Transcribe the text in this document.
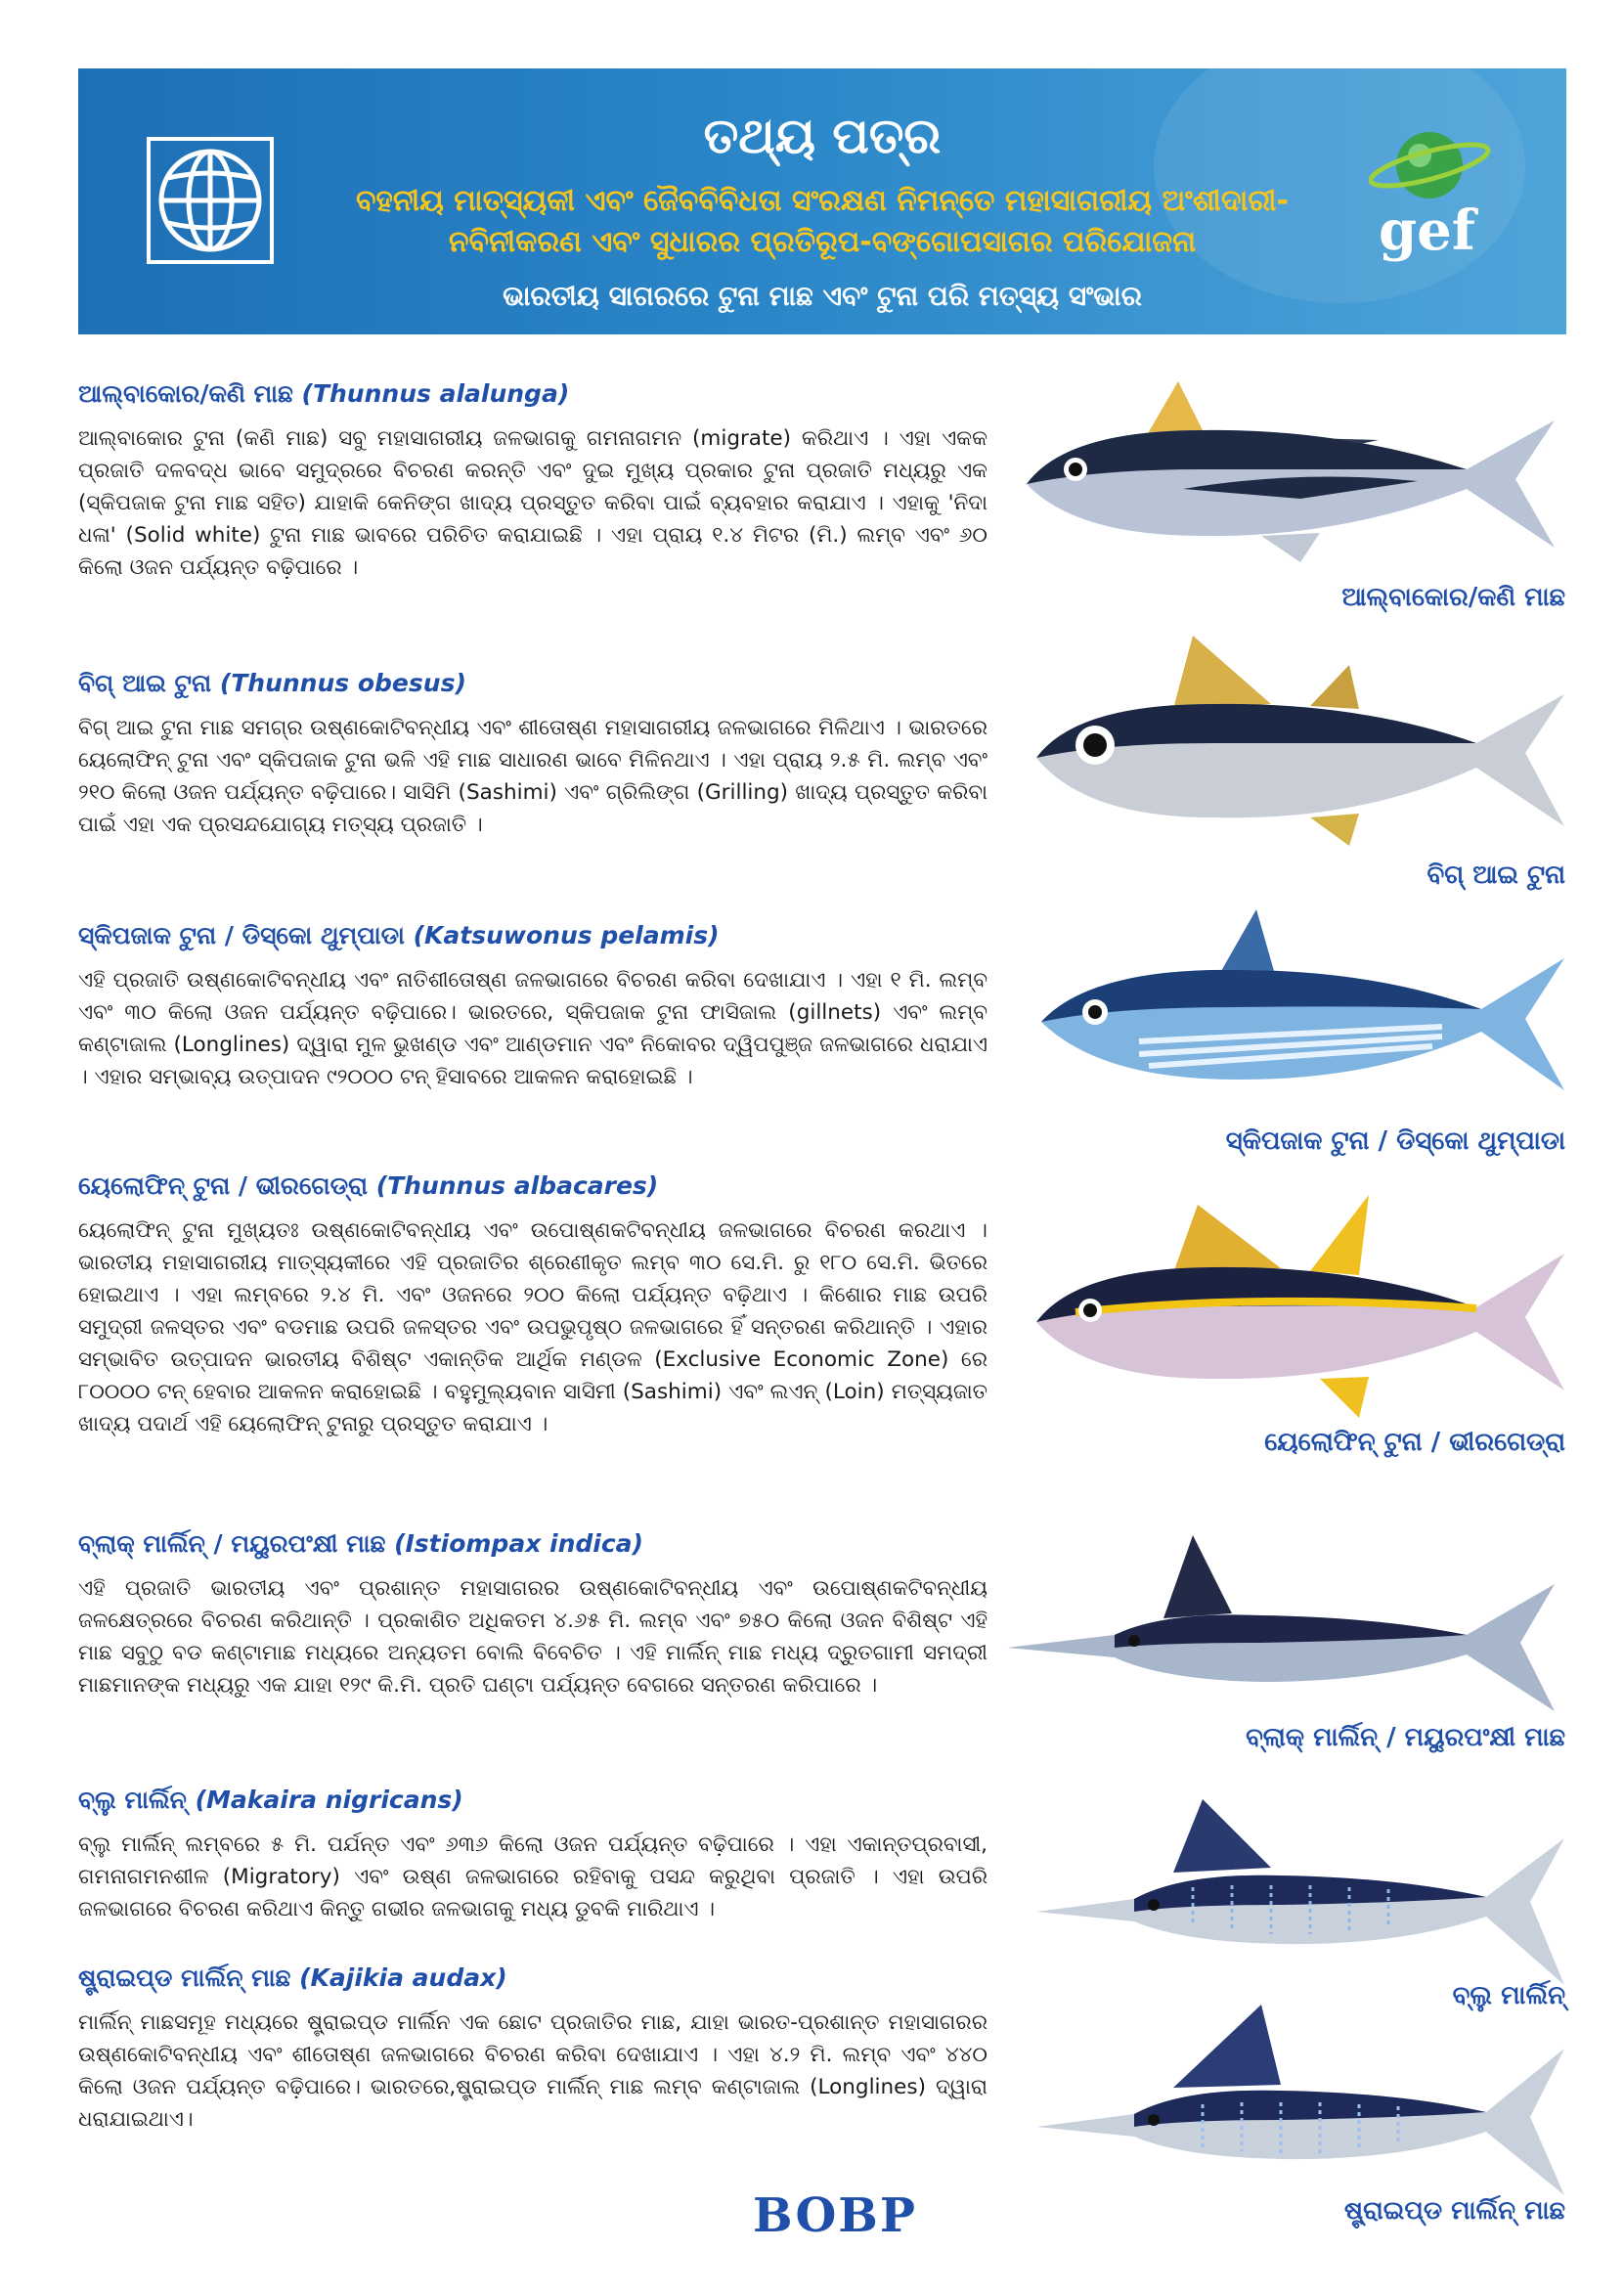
ତଥ୍ୟ ପତ୍ର
ବହନୀୟ ମାତ୍ସ୍ୟକୀ ଏବଂ ଜୈବବିବିଧତା ସଂରକ୍ଷଣ ନିମନ୍ତେ ମହାସାଗରୀୟ ଅଂଶୀଦାରୀ-
ନବିନୀକରଣ ଏବଂ ସୁଧାରର ପ୍ରତିରୂପ-ବଙ୍ଗୋପସାଗର ପରିଯୋଜନା
ଭାରତୀୟ ସାଗରରେ ଟୁନା ମାଛ ଏବଂ ଟୁନା ପରି ମତ୍ସ୍ୟ ସଂଭାର
gef
ଆଲ୍‌ବାକୋର/କଣି ମାଛ (Thunnus alalunga)

ଆଲ୍‌ବାକୋର ଟୁନା (କଣି ମାଛ) ସବୁ ମହାସାଗରୀୟ ଜଳଭାଗକୁ ଗମନାଗମନ (migrate) କରିଥାଏ । ଏହା ଏକକ ପ୍ରଜାତି ଦଳବଦ୍ଧ ଭାବେ ସମୁଦ୍ରରେ ବିଚରଣ କରନ୍ତି ଏବଂ ଦୁଇ ମୁଖ୍ୟ ପ୍ରକାର ଟୁନା ପ୍ରଜାତି ମଧ୍ୟରୁ ଏକ (ସ୍କିପଜାକ ଟୁନା ମାଛ ସହିତ) ଯାହାକି କେନିଙ୍ଗ ଖାଦ୍ୟ ପ୍ରସ୍ତୁତ କରିବା ପାଇଁ ବ୍ୟବହାର କରାଯାଏ । ଏହାକୁ 'ନିଦା ଧଳା' (Solid white) ଟୁନା ମାଛ ଭାବରେ ପରିଚିତ କରାଯାଇଛି । ଏହା ପ୍ରାୟ ୧.୪ ମିଟର (ମି.) ଲମ୍ବ ଏବଂ ୬୦ କିଲୋ ଓଜନ ପର୍ଯ୍ୟନ୍ତ ବଢ଼ିପାରେ ।

ବିଗ୍ ଆଇ ଟୁନା (Thunnus obesus)

ବିଗ୍ ଆଇ ଟୁନା ମାଛ ସମଗ୍ର ଉଷ୍ଣକୋଟିବନ୍ଧୀୟ ଏବଂ ଶୀତୋଷ୍ଣ ମହାସାଗରୀୟ ଜଳଭାଗରେ ମିଳିଥାଏ । ଭାରତରେ ୟେଲୋଫିନ୍ ଟୁନା ଏବଂ ସ୍କିପଜାକ ଟୁନା ଭଳି ଏହି ମାଛ ସାଧାରଣ ଭାବେ ମିଳିନଥାଏ । ଏହା ପ୍ରାୟ ୨.୫ ମି. ଲମ୍ବ ଏବଂ ୨୧୦ କିଲୋ ଓଜନ ପର୍ଯ୍ୟନ୍ତ ବଢ଼ିପାରେ। ସାସିମି (Sashimi) ଏବଂ ଗ୍ରିଲିଙ୍ଗ (Grilling) ଖାଦ୍ୟ ପ୍ରସ୍ତୁତ କରିବା ପାଇଁ ଏହା ଏକ ପ୍ରସନ୍ଦଯୋଗ୍ୟ ମତ୍ସ୍ୟ ପ୍ରଜାତି ।

ସ୍କିପଜାକ ଟୁନା / ଡିସ୍କୋ ଥୁମ୍ପାଡା (Katsuwonus pelamis)

ଏହି ପ୍ରଜାତି ଉଷ୍ଣକୋଟିବନ୍ଧୀୟ ଏବଂ ନାତିଶୀତୋଷ୍ଣ ଜଳଭାଗରେ ବିଚରଣ କରିବା ଦେଖାଯାଏ । ଏହା ୧ ମି. ଲମ୍ବ ଏବଂ ୩୦ କିଲୋ ଓଜନ ପର୍ଯ୍ୟନ୍ତ ବଢ଼ିପାରେ। ଭାରତରେ, ସ୍କିପଜାକ ଟୁନା ଫାସିଜାଲ (gillnets) ଏବଂ ଲମ୍ବ କଣ୍ଟାଜାଲ (Longlines) ଦ୍ୱାରା ମୁଳ ଭୁଖଣ୍ଡ ଏବଂ ଆଣ୍ଡମାନ ଏବଂ ନିକୋବର ଦ୍ୱିପପୁଞ୍ଜ ଜଳଭାଗରେ ଧରାଯାଏ । ଏହାର ସମ୍ଭାବ୍ୟ ଉତ୍ପାଦନ ୯୨୦୦୦ ଟନ୍ ହିସାବରେ ଆକଳନ କରାହୋଇଛି ।

ୟେଲୋଫିନ୍ ଟୁନା / ଭୀରଗେଡ୍ରା (Thunnus albacares)

ୟେଲୋଫିନ୍ ଟୁନା ମୁଖ୍ୟତଃ ଉଷ୍ଣକୋଟିବନ୍ଧୀୟ ଏବଂ ଉପୋଷ୍ଣକଟିବନ୍ଧୀୟ ଜଳଭାଗରେ ବିଚରଣ କରଥାଏ । ଭାରତୀୟ ମହାସାଗରୀୟ ମାତ୍ସ୍ୟକୀରେ ଏହି ପ୍ରଜାତିର ଶ୍ରେଣୀକୃତ ଲମ୍ବ ୩୦ ସେ.ମି. ରୁ ୧୮୦ ସେ.ମି. ଭିତରେ ହୋଇଥାଏ । ଏହା ଲମ୍ବରେ ୨.୪ ମି. ଏବଂ ଓଜନରେ ୨୦୦ କିଲୋ ପର୍ଯ୍ୟନ୍ତ ବଢ଼ିଥାଏ । କିଶୋର ମାଛ ଉପରି ସମୁଦ୍ରୀ ଜଳସ୍ତର ଏବଂ ବଡମାଛ ଉପରି ଜଳସ୍ତର ଏବଂ ଉପଭୁପୃଷ୍ଠ ଜଳଭାଗରେ ହିଁ ସନ୍ତରଣ କରିଥାନ୍ତି । ଏହାର ସମ୍ଭାବିତ ଉତ୍ପାଦନ ଭାରତୀୟ ବିଶିଷ୍ଟ ଏକାନ୍ତିକ ଆର୍ଥିକ ମଣ୍ଡଳ (Exclusive Economic Zone) ରେ ୮୦୦୦୦ ଟନ୍ ହେବାର ଆକଳନ କରାହୋଇଛି । ବହୁମୁଲ୍ୟବାନ ସାସିମୀ (Sashimi) ଏବଂ ଲଏନ୍ (Loin) ମତ୍ସ୍ୟଜାତ ଖାଦ୍ୟ ପଦାର୍ଥ ଏହି ୟେଲୋଫିନ୍ ଟୁନାରୁ ପ୍ରସ୍ତୁତ କରାଯାଏ ।

ବ୍ଲାକ୍ ମାର୍ଲିନ୍ / ମୟୁରପଂକ୍ଷୀ ମାଛ (Istiompax indica)

ଏହି ପ୍ରଜାତି ଭାରତୀୟ ଏବଂ ପ୍ରଶାନ୍ତ ମହାସାଗରର ଉଷ୍ଣକୋଟିବନ୍ଧୀୟ ଏବଂ ଉପୋଷ୍ଣକଟିବନ୍ଧୀୟ ଜଳକ୍ଷେତ୍ରରେ ବିଚରଣ କରିଥାନ୍ତି । ପ୍ରକାଶିତ ଅଧିକତମ ୪.୬୫ ମି. ଲମ୍ବ ଏବଂ ୭୫୦ କିଲୋ ଓଜନ ବିଶିଷ୍ଟ ଏହି ମାଛ ସବୁଠୁ ବଡ କଣ୍ଟାମାଛ ମଧ୍ୟରେ ଅନ୍ୟତମ ବୋଲି ବିବେଚିତ । ଏହି ମାର୍ଲିନ୍ ମାଛ ମଧ୍ୟ ଦ୍ରୁତଗାମୀ ସମଦ୍ରୀ ମାଛମାନଙ୍କ ମଧ୍ୟରୁ ଏକ ଯାହା ୧୨୯ କି.ମି. ପ୍ରତି ଘଣ୍ଟା ପର୍ଯ୍ୟନ୍ତ ବେଗରେ ସନ୍ତରଣ କରିପାରେ ।

ବ୍ଲୁ ମାର୍ଲିନ୍ (Makaira nigricans)

ବ୍ଲୁ ମାର୍ଲିନ୍ ଲମ୍ବରେ ୫ ମି. ପର୍ଯନ୍ତ ଏବଂ ୬୩୬ କିଲୋ ଓଜନ ପର୍ଯ୍ୟନ୍ତ ବଢ଼ିପାରେ । ଏହା ଏକାନ୍ତପ୍ରବାସୀ, ଗମନାଗମନଶୀଳ (Migratory) ଏବଂ ଉଷ୍ଣ ଜଳଭାଗରେ ରହିବାକୁ ପସନ୍ଦ କରୁଥିବା ପ୍ରଜାତି । ଏହା ଉପରି ଜଳଭାଗରେ ବିଚରଣ କରିଥାଏ କିନ୍ତୁ ଗଭୀର ଜଳଭାଗକୁ ମଧ୍ୟ ଡୁବକି ମାରିଥାଏ ।

ଷ୍ଟ୍ରାଇପ୍ଡ ମାର୍ଲିନ୍ ମାଛ (Kajikia audax)

ମାର୍ଲିନ୍ ମାଛସମୂହ ମଧ୍ୟରେ ଷ୍ଟ୍ରାଇପ୍ଡ ମାର୍ଲିନ ଏକ ଛୋଟ ପ୍ରଜାତିର ମାଛ, ଯାହା ଭାରତ-ପ୍ରଶାନ୍ତ ମହାସାଗରର ଉଷ୍ଣକୋଟିବନ୍ଧୀୟ ଏବଂ ଶୀତୋଷ୍ଣ ଜଳଭାଗରେ ବିଚରଣ କରିବା ଦେଖାଯାଏ । ଏହା ୪.୨ ମି. ଲମ୍ବ ଏବଂ ୪୪୦ କିଲୋ ଓଜନ ପର୍ଯ୍ୟନ୍ତ ବଢ଼ିପାରେ। ଭାରତରେ,ଷ୍ଟ୍ରାଇପ୍ଡ ମାର୍ଲିନ୍ ମାଛ ଲମ୍ବ କଣ୍ଟାଜାଲ (Longlines) ଦ୍ୱାରା ଧରାଯାଇଥାଏ।

ଆଲ୍‌ବାକୋର/କଣି ମାଛ
ବିଗ୍ ଆଇ ଟୁନା
ସ୍କିପଜାକ ଟୁନା / ଡିସ୍କୋ ଥୁମ୍ପାଡା
ୟେଲୋଫିନ୍ ଟୁନା / ଭୀରଗେଡ୍ରା
ବ୍ଲାକ୍ ମାର୍ଲିନ୍ / ମୟୁରପଂକ୍ଷୀ ମାଛ
ବ୍ଲୁ ମାର୍ଲିନ୍
ଷ୍ଟ୍ରାଇପ୍ଡ ମାର୍ଲିନ୍ ମାଛ
BOBP
